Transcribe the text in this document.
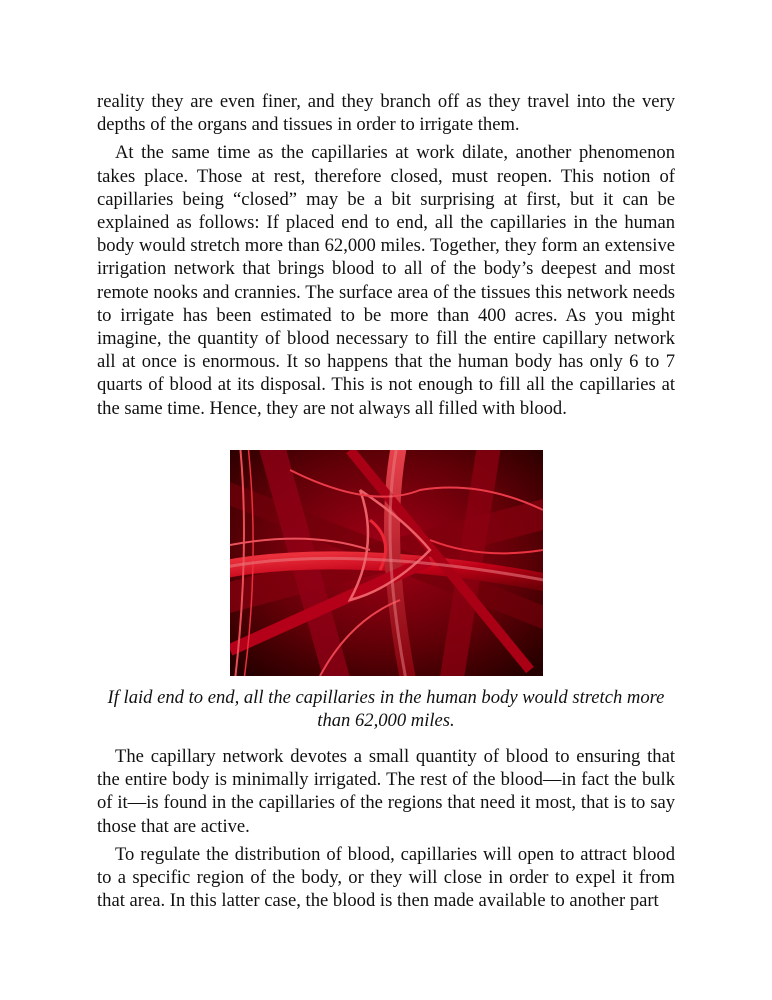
reality they are even finer, and they branch off as they travel into the very depths of the organs and tissues in order to irrigate them.

At the same time as the capillaries at work dilate, another phenomenon takes place. Those at rest, therefore closed, must reopen. This notion of capillaries being “closed” may be a bit surprising at first, but it can be explained as follows: If placed end to end, all the capillaries in the human body would stretch more than 62,000 miles. Together, they form an extensive irrigation network that brings blood to all of the body’s deepest and most remote nooks and crannies. The surface area of the tissues this network needs to irrigate has been estimated to be more than 400 acres. As you might imagine, the quantity of blood necessary to fill the entire capillary network all at once is enormous. It so happens that the human body has only 6 to 7 quarts of blood at its disposal. This is not enough to fill all the capillaries at the same time. Hence, they are not always all filled with blood.

If laid end to end, all the capillaries in the human body would stretch more than 62,000 miles.

The capillary network devotes a small quantity of blood to ensuring that the entire body is minimally irrigated. The rest of the blood—in fact the bulk of it—is found in the capillaries of the regions that need it most, that is to say those that are active.

To regulate the distribution of blood, capillaries will open to attract blood to a specific region of the body, or they will close in order to expel it from that area. In this latter case, the blood is then made available to another part
